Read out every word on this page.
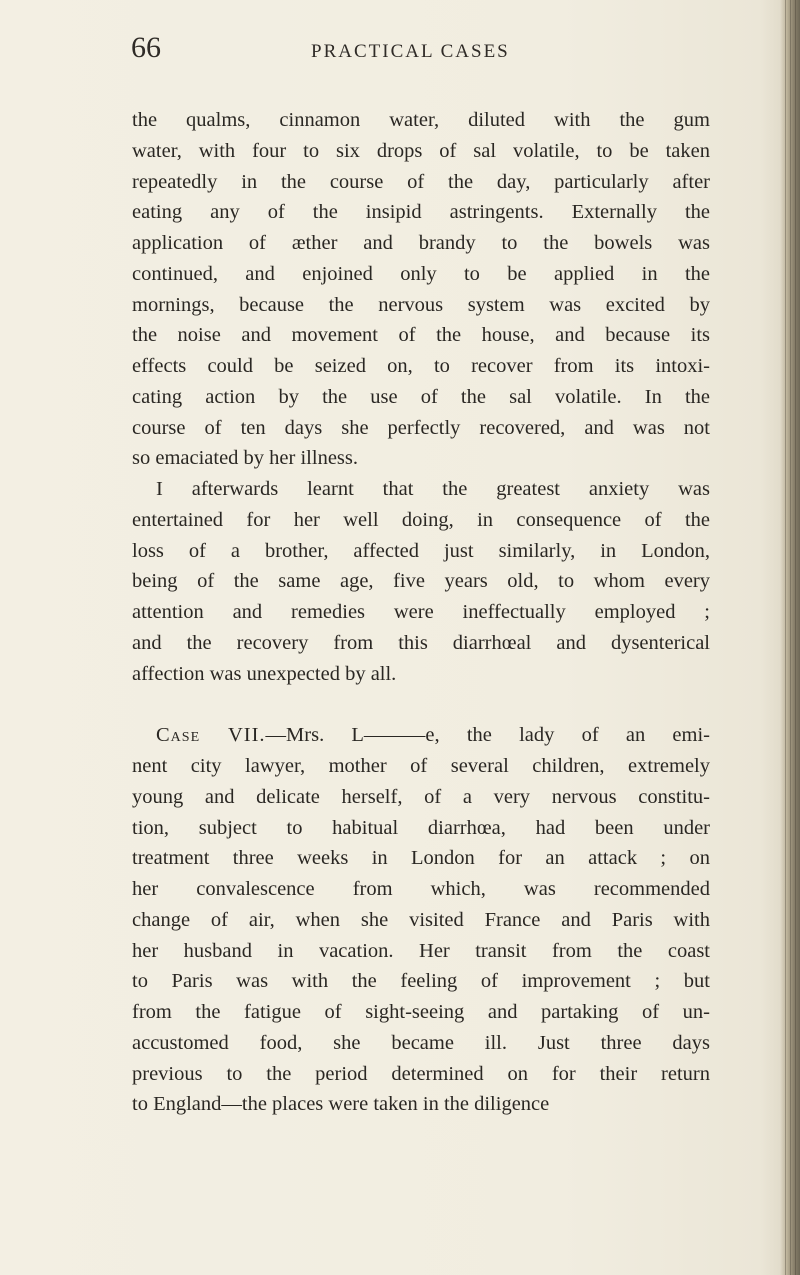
66	PRACTICAL CASES
the qualms, cinnamon water, diluted with the gum
water, with four to six drops of sal volatile, to be taken
repeatedly in the course of the day, particularly after
eating any of the insipid astringents. Externally the
application of æther and brandy to the bowels was
continued, and enjoined only to be applied in the
mornings, because the nervous system was excited by
the noise and movement of the house, and because its
effects could be seized on, to recover from its intoxi-
cating action by the use of the sal volatile. In the
course of ten days she perfectly recovered, and was not
so emaciated by her illness.
I afterwards learnt that the greatest anxiety was
entertained for her well doing, in consequence of the
loss of a brother, affected just similarly, in London,
being of the same age, five years old, to whom every
attention and remedies were ineffectually employed ;
and the recovery from this diarrhœal and dysenterical
affection was unexpected by all.
Case VII.—Mrs. L———e, the lady of an emi-
nent city lawyer, mother of several children, extremely
young and delicate herself, of a very nervous constitu-
tion, subject to habitual diarrhœa, had been under
treatment three weeks in London for an attack ; on
her convalescence from which, was recommended
change of air, when she visited France and Paris with
her husband in vacation. Her transit from the coast
to Paris was with the feeling of improvement ; but
from the fatigue of sight-seeing and partaking of un-
accustomed food, she became ill. Just three days
previous to the period determined on for their return
to England—the places were taken in the diligence
